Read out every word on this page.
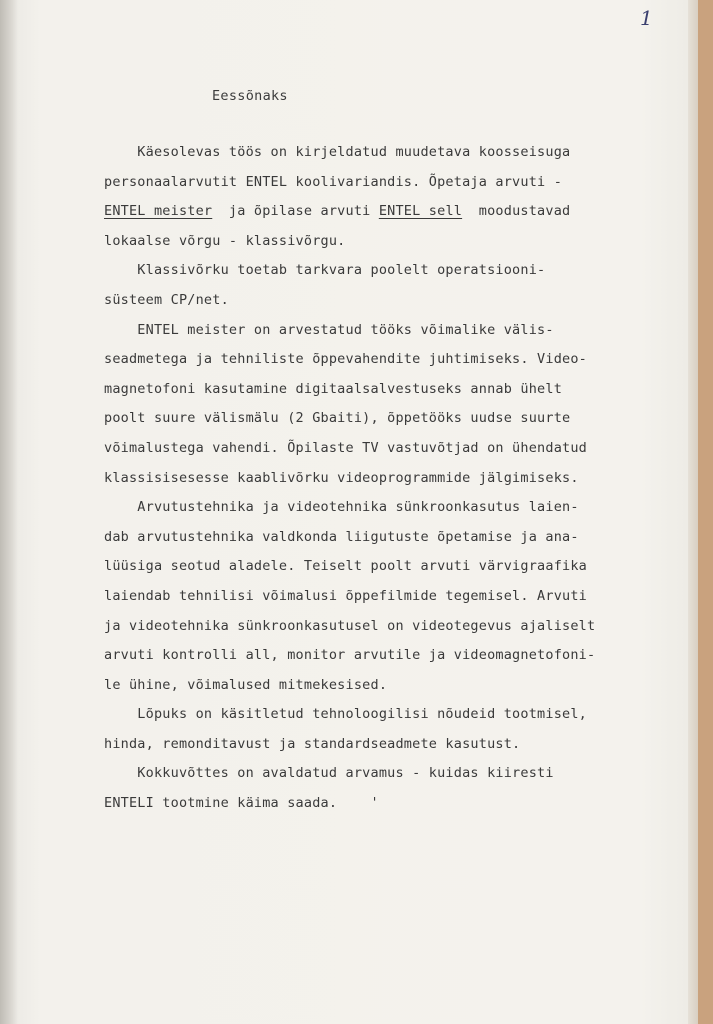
1
Eessõnaks
Käesolevas töös on kirjeldatud muudetava koosseisuga
personaalarvutit ENTEL koolivariandis. Õpetaja arvuti -
ENTEL meister  ja õpilase arvuti ENTEL sell  moodustavad
lokaalse võrgu - klassivõrgu.
Klassivõrku toetab tarkvara poolelt operatsiooni-
süsteem CP/net.
ENTEL meister on arvestatud tööks võimalike välis-
seadmetega ja tehniliste õppevahendite juhtimiseks. Video-
magnetofoni kasutamine digitaalsalvestuseks annab ühelt
poolt suure välismälu (2 Gbaiti), õppetööks uudse suurte
võimalustega vahendi. Õpilaste TV vastuvõtjad on ühendatud
klassisisesesse kaablivõrku videoprogrammide jälgimiseks.
Arvutustehnika ja videotehnika sünkroonkasutus laien-
dab arvutustehnika valdkonda liigutuste õpetamise ja ana-
lüüsiga seotud aladele. Teiselt poolt arvuti värvigraafika
laiendab tehnilisi võimalusi õppefilmide tegemisel. Arvuti
ja videotehnika sünkroonkasutusel on videotegevus ajaliselt
arvuti kontrolli all, monitor arvutile ja videomagnetofoni-
le ühine, võimalused mitmekesised.
Lõpuks on käsitletud tehnoloogilisi nõudeid tootmisel,
hinda, remonditavust ja standardseadmete kasutust.
Kokkuvõttes on avaldatud arvamus - kuidas kiiresti
ENTELI tootmine käima saada.    '
